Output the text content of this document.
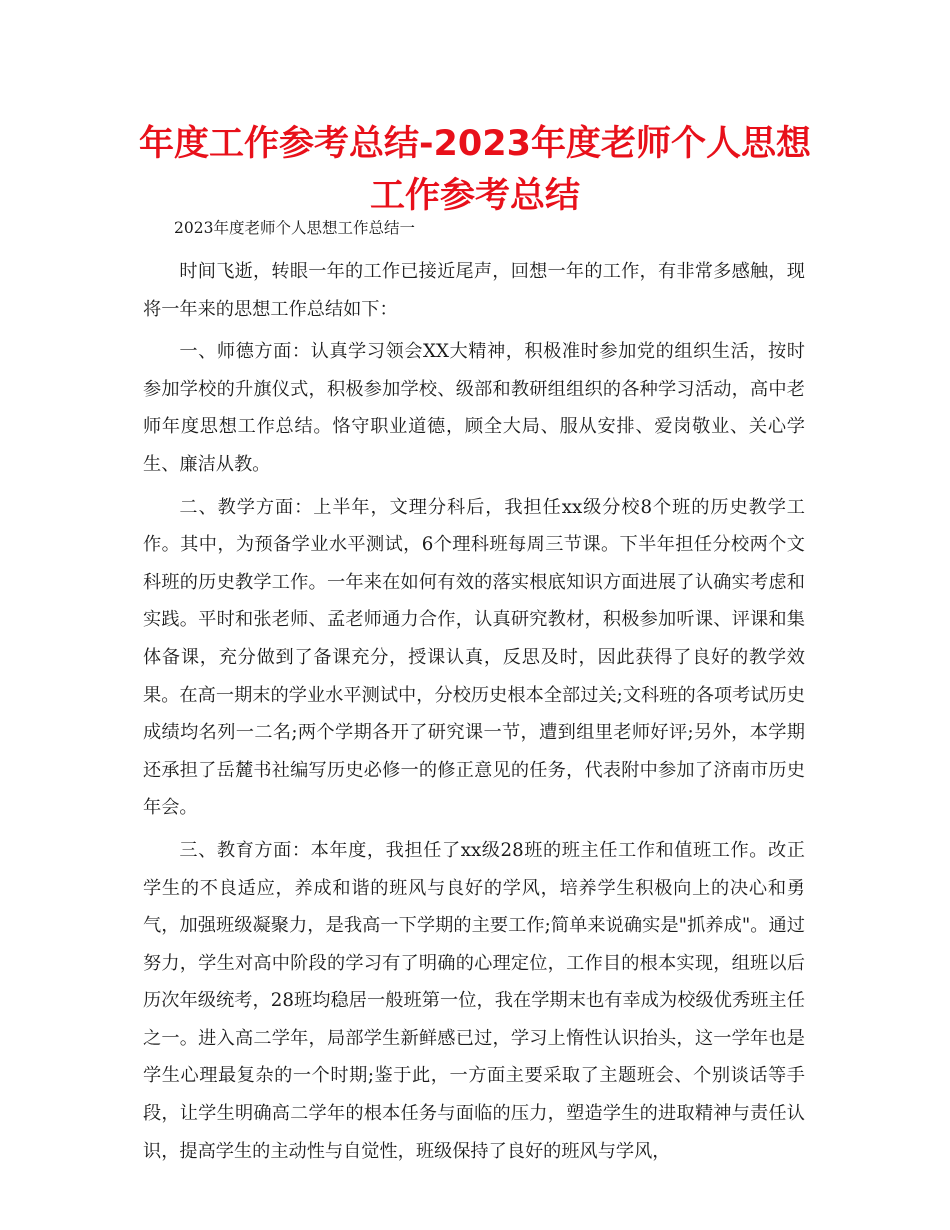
年度工作参考总结-2023年度老师个人思想工作参考总结

2023年度老师个人思想工作总结一

时间飞逝，转眼一年的工作已接近尾声，回想一年的工作，有非常多感触，现将一年来的思想工作总结如下：

一、师德方面：认真学习领会XX大精神，积极准时参加党的组织生活，按时参加学校的升旗仪式，积极参加学校、级部和教研组组织的各种学习活动，高中老师年度思想工作总结。恪守职业道德，顾全大局、服从安排、爱岗敬业、关心学生、廉洁从教。

二、教学方面：上半年，文理分科后，我担任xx级分校8个班的历史教学工作。其中，为预备学业水平测试，6个理科班每周三节课。下半年担任分校两个文科班的历史教学工作。一年来在如何有效的落实根底知识方面进展了认确实考虑和实践。平时和张老师、孟老师通力合作，认真研究教材，积极参加听课、评课和集体备课，充分做到了备课充分，授课认真，反思及时，因此获得了良好的教学效果。在高一期末的学业水平测试中，分校历史根本全部过关;文科班的各项考试历史成绩均名列一二名;两个学期各开了研究课一节，遭到组里老师好评;另外，本学期还承担了岳麓书社编写历史必修一的修正意见的任务，代表附中参加了济南市历史年会。

三、教育方面：本年度，我担任了xx级28班的班主任工作和值班工作。改正学生的不良适应，养成和谐的班风与良好的学风，培养学生积极向上的决心和勇气，加强班级凝聚力，是我高一下学期的主要工作;简单来说确实是"抓养成"。通过努力，学生对高中阶段的学习有了明确的心理定位，工作目的根本实现，组班以后历次年级统考，28班均稳居一般班第一位，我在学期末也有幸成为校级优秀班主任之一。进入高二学年，局部学生新鲜感已过，学习上惰性认识抬头，这一学年也是学生心理最复杂的一个时期;鉴于此，一方面主要采取了主题班会、个别谈话等手段，让学生明确高二学年的根本任务与面临的压力，塑造学生的进取精神与责任认识，提高学生的主动性与自觉性，班级保持了良好的班风与学风，
